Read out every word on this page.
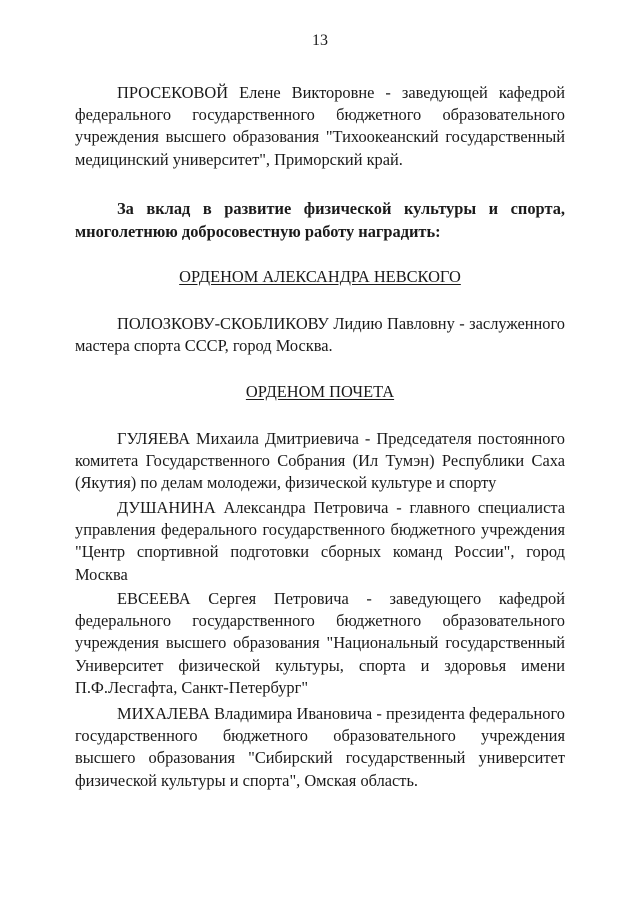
13

ПРОСЕКОВОЙ Елене Викторовне - заведующей кафедрой федерального государственного бюджетного образовательного учреждения высшего образования "Тихоокеанский государственный медицинский университет", Приморский край.

За вклад в развитие физической культуры и спорта, многолетнюю добросовестную работу наградить:

ОРДЕНОМ АЛЕКСАНДРА НЕВСКОГО

ПОЛОЗКОВУ-СКОБЛИКОВУ Лидию Павловну - заслуженного мастера спорта СССР, город Москва.

ОРДЕНОМ ПОЧЕТА

ГУЛЯЕВА Михаила Дмитриевича - Председателя постоянного комитета Государственного Собрания (Ил Тумэн) Республики Саха (Якутия) по делам молодежи, физической культуре и спорту

ДУШАНИНА Александра Петровича - главного специалиста управления федерального государственного бюджетного учреждения "Центр спортивной подготовки сборных команд России", город Москва

ЕВСЕЕВА Сергея Петровича - заведующего кафедрой федерального государственного бюджетного образовательного учреждения высшего образования "Национальный государственный Университет физической культуры, спорта и здоровья имени П.Ф.Лесгафта, Санкт-Петербург"

МИХАЛЕВА Владимира Ивановича - президента федерального государственного бюджетного образовательного учреждения высшего образования "Сибирский государственный университет физической культуры и спорта", Омская область.
